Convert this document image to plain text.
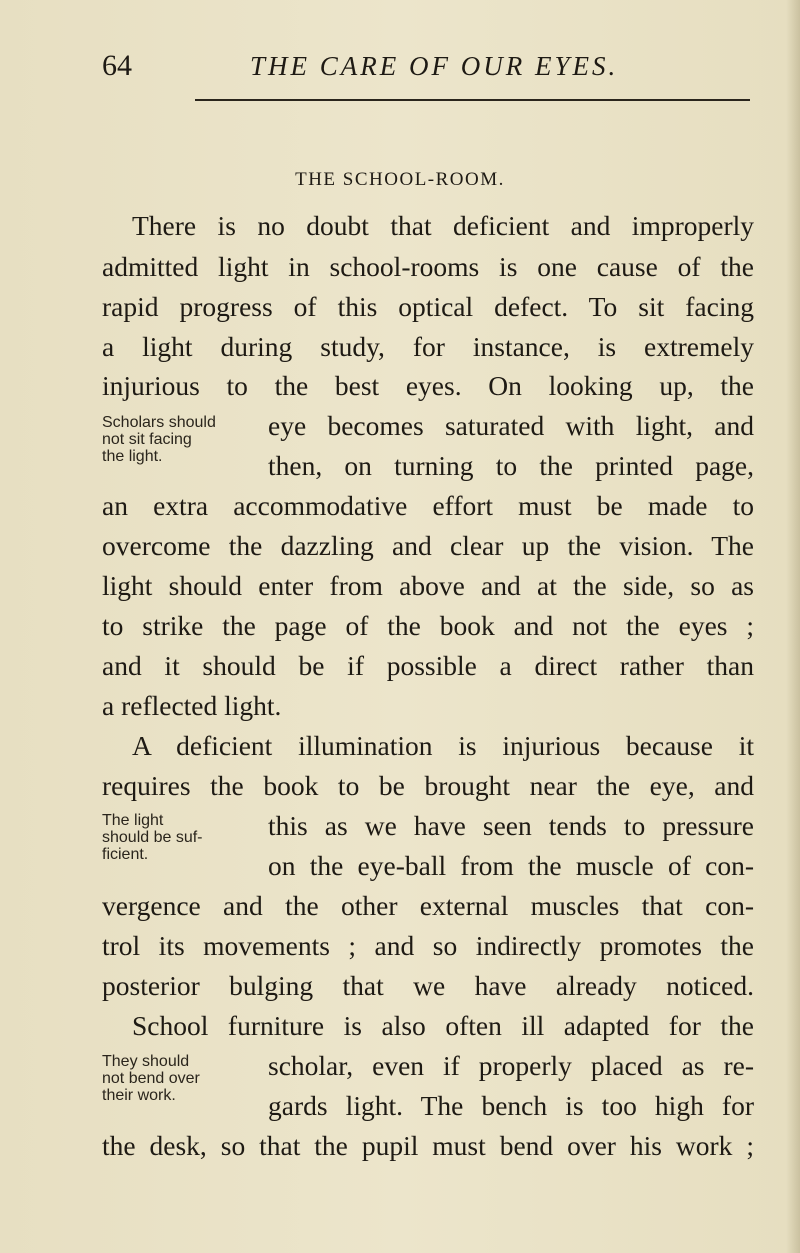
64	THE CARE OF OUR EYES.
THE SCHOOL-ROOM.
There is no doubt that deficient and improperly
admitted light in school-rooms is one cause of the
rapid progress of this optical defect. To sit facing
a light during study, for instance, is extremely
injurious to the best eyes. On looking up, the
eye becomes saturated with light, and
then, on turning to the printed page,
an extra accommodative effort must be made to
overcome the dazzling and clear up the vision. The
light should enter from above and at the side, so as
to strike the page of the book and not the eyes ;
and it should be if possible a direct rather than
a reflected light.
A deficient illumination is injurious because it
requires the book to be brought near the eye, and
this as we have seen tends to pressure
on the eye-ball from the muscle of con-
vergence and the other external muscles that con-
trol its movements ; and so indirectly promotes the
posterior bulging that we have already noticed.
School furniture is also often ill adapted for the
scholar, even if properly placed as re-
gards light. The bench is too high for
the desk, so that the pupil must bend over his work ;
Scholars should
not sit facing
the light.
The light
should be suf-
ficient.
They should
not bend over
their work.
